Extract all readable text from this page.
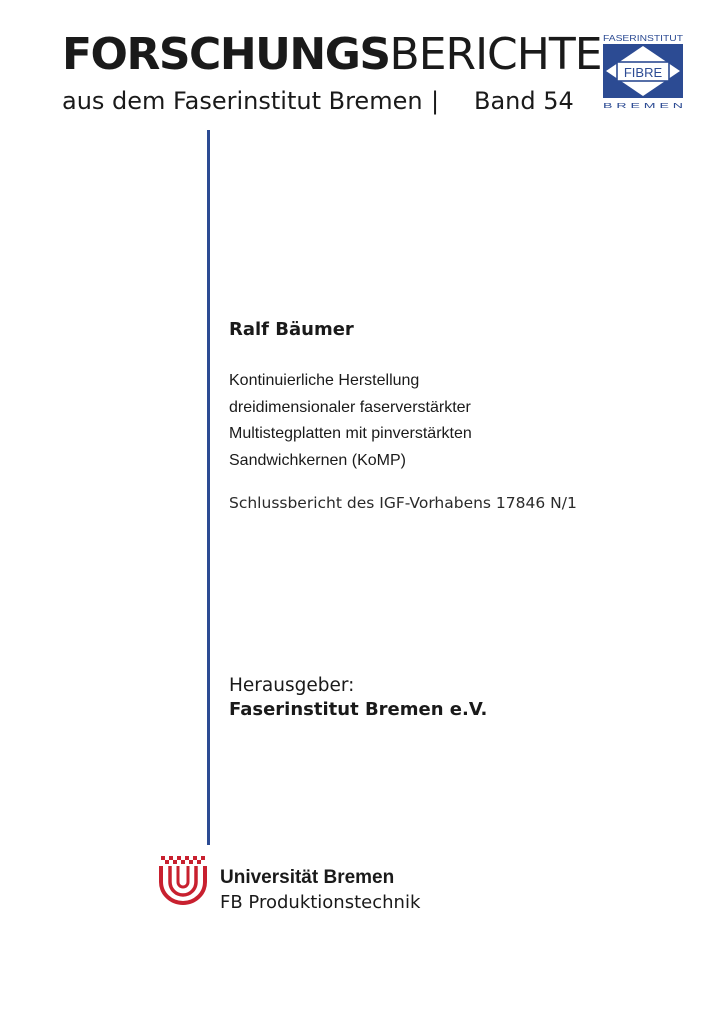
FORSCHUNGSBERICHTE
aus dem Faserinstitut Bremen | Band 54
FASERINSTITUT
FIBRE
B R E M E N
Ralf Bäumer
Kontinuierliche Herstellung
dreidimensionaler faserverstärkter
Multistegplatten mit pinverstärkten
Sandwichkernen (KoMP)
Schlussbericht des IGF-Vorhabens 17846 N/1
Herausgeber:
Faserinstitut Bremen e.V.
Universität Bremen
FB Produktionstechnik
